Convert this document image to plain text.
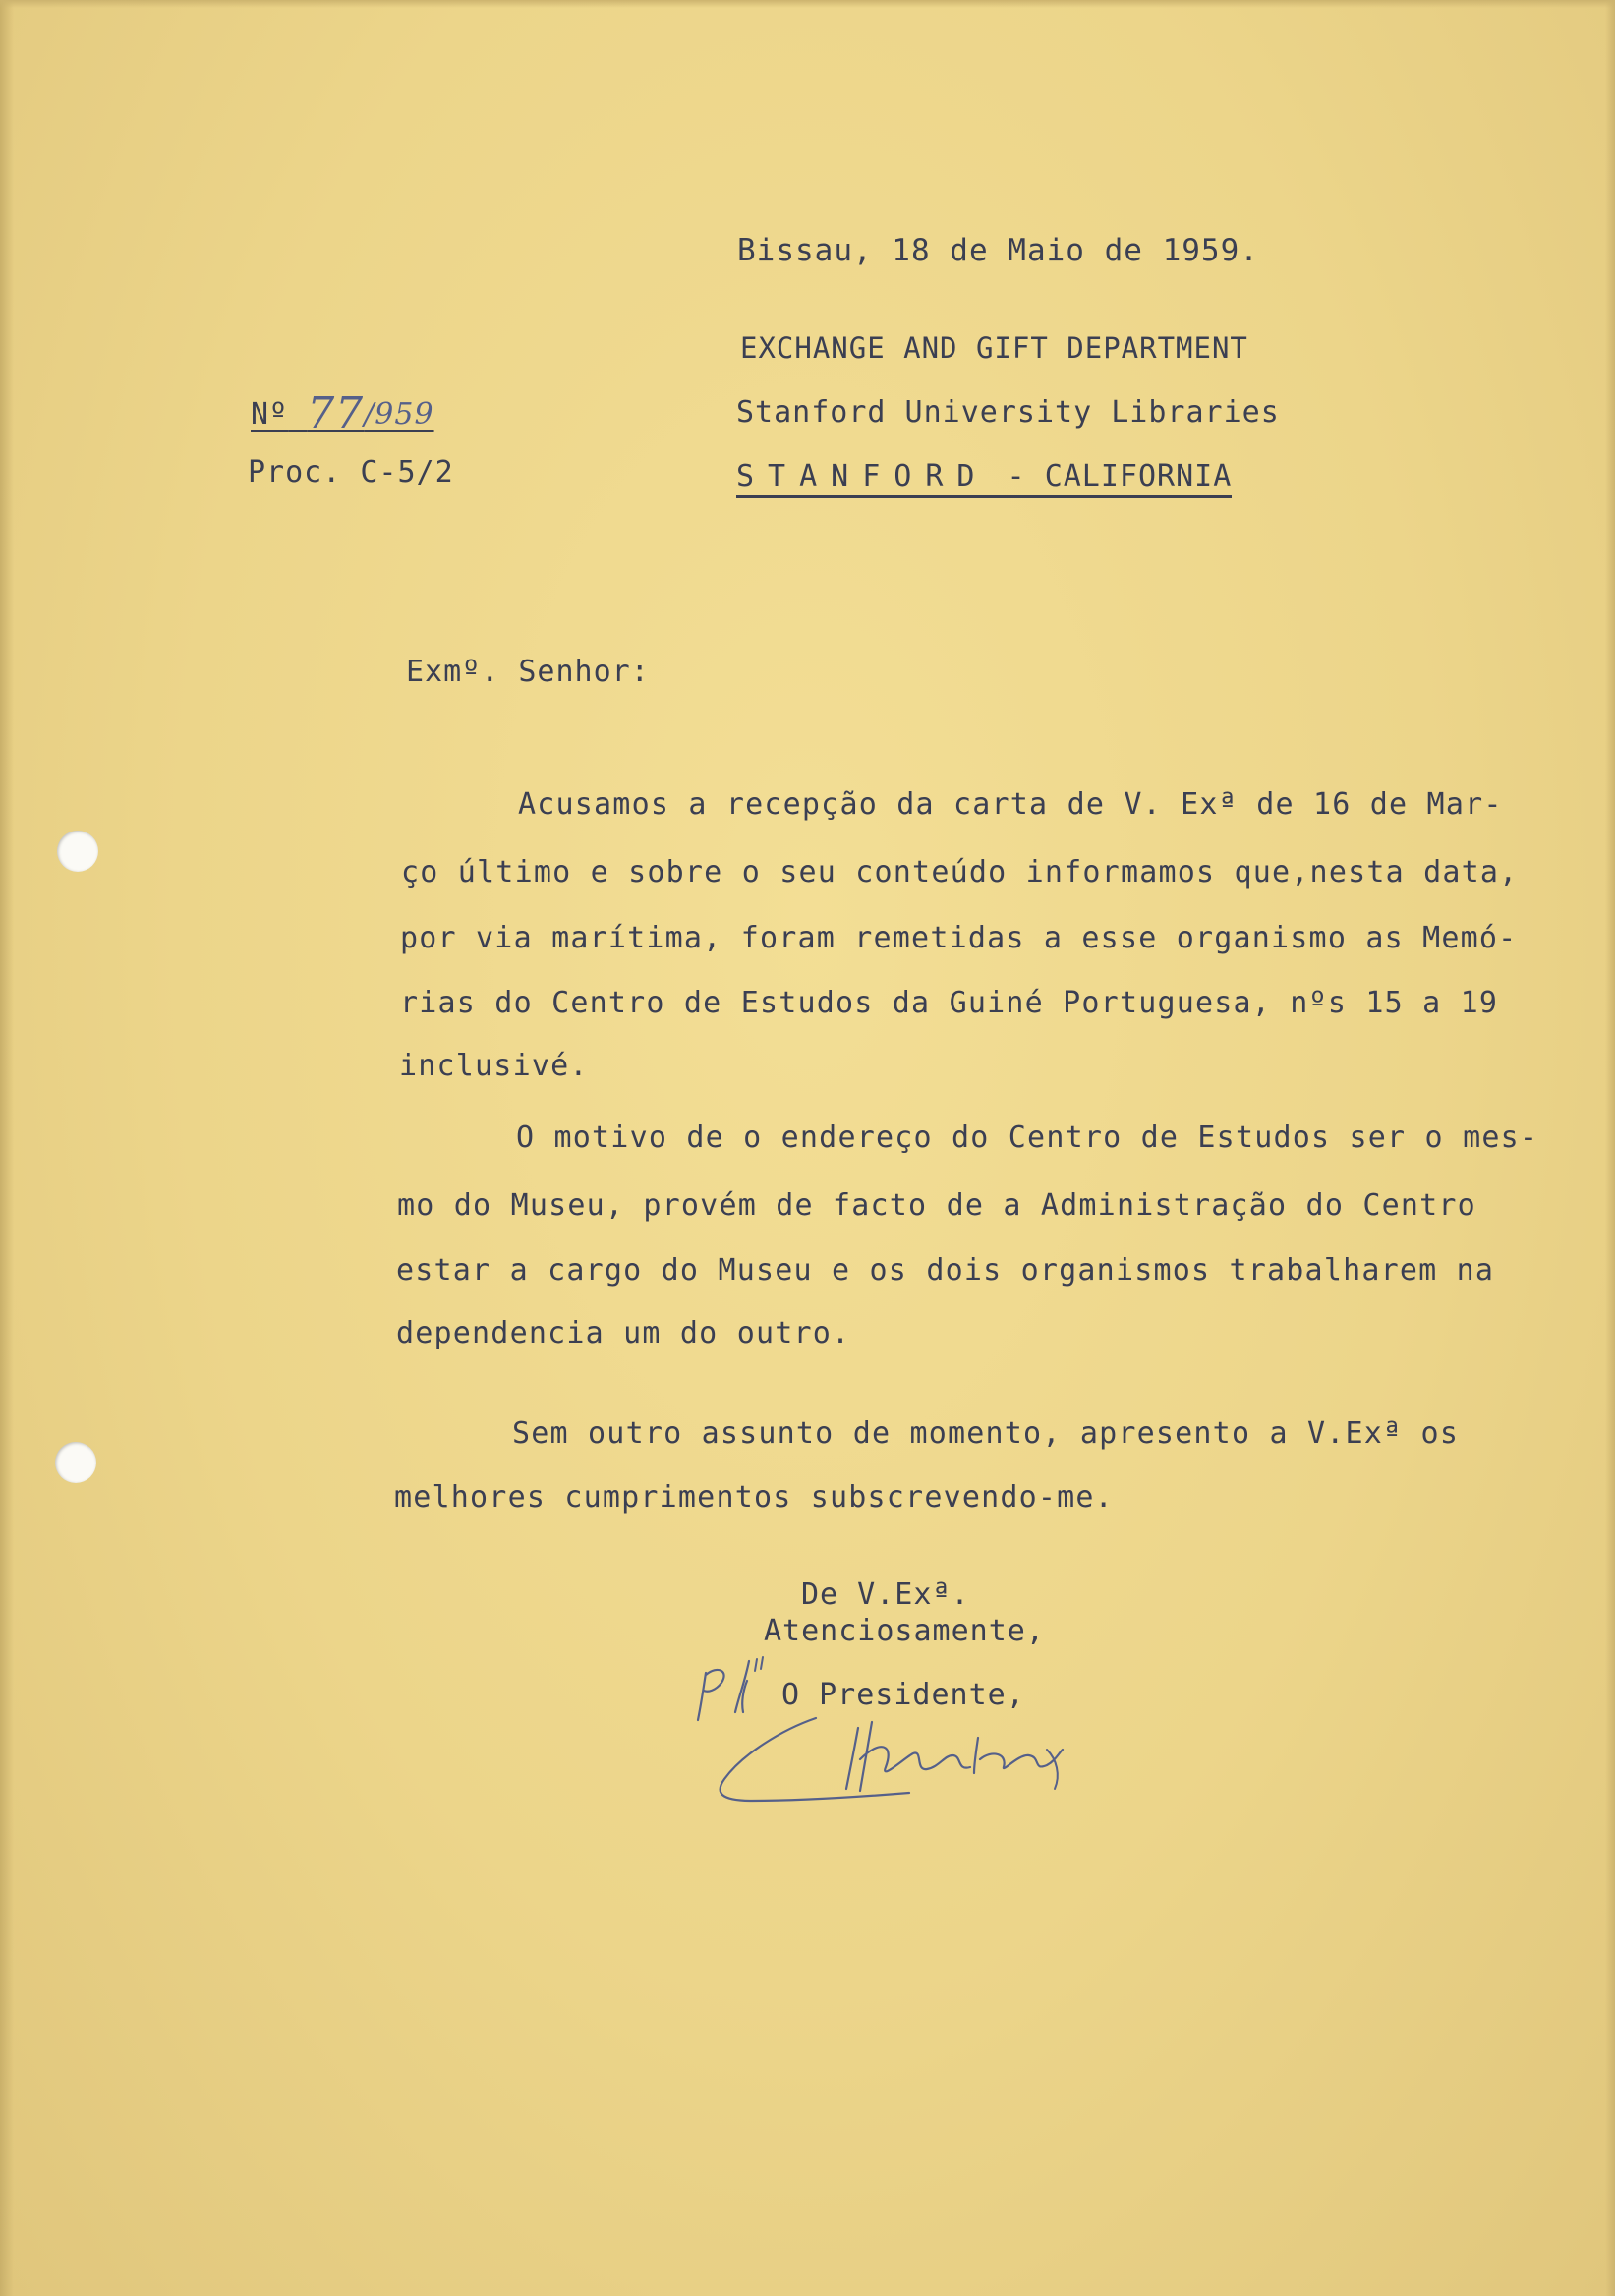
Bissau, 18 de Maio de 1959.
Nº 77/959
Proc. C-5/2
EXCHANGE AND GIFT DEPARTMENT
Stanford University Libraries
STANFORD - CALIFORNIA
Exmº. Senhor:
Acusamos a recepção da carta de V. Exª de 16 de Mar-
ço último e sobre o seu conteúdo informamos que,nesta data,
por via marítima, foram remetidas a esse organismo as Memó-
rias do Centro de Estudos da Guiné Portuguesa, nºs 15 a 19
inclusivé.
O motivo de o endereço do Centro de Estudos ser o mes-
mo do Museu, provém de facto de a Administração do Centro
estar a cargo do Museu e os dois organismos trabalharem na
dependencia um do outro.
Sem outro assunto de momento, apresento a V.Exª os
melhores cumprimentos subscrevendo-me.
De V.Exª.
Atenciosamente,
O Presidente,
